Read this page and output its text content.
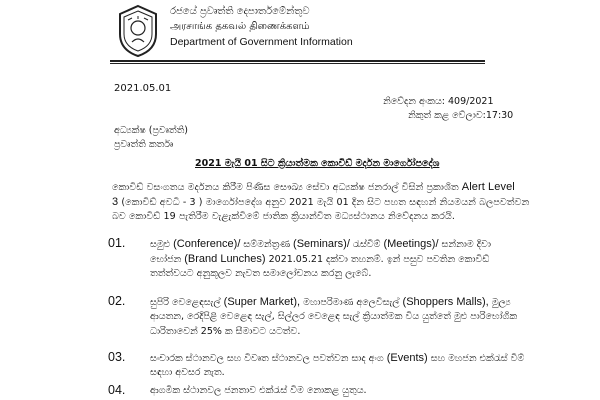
රජයේ ප්‍රවෘත්ති දෙපාර්තමේන්තුව
அரசாங்க தகவல் திணைக்களம்
Department of Government Information
2021.05.01
නිවේදන අංකය: 409/2021
නිකුත් කළ වේලාව:17:30
අධ්‍යක්ෂ (ප්‍රවෘත්ති)
ප්‍රවෘත්ති කර්තෘ
2021 මැයි 01 සිට ක්‍රියාත්මක කොවිඩ් මර්දන මාර්ගෝපදේශ
කොවිඩ් වසංගතය මර්දනය කිරීම පිණිස සෞඛ්‍ය සේවා අධ්‍යක්ෂ ජනරාල් විසින් ප්‍රකාශිත Alert Level
3 (කොවිඩ් අවධි - 3 ) මාර්ගෝපදේශ අනුව 2021 මැයි 01 දින සිට පහත සඳහන් නියමයන් බලපවත්වන
බව කොවිඩ් 19 පැතිරීම වැළැක්වීමේ ජාතික ක්‍රියාන්විත මධ්‍යස්ථානය නිවේදනය කරයි.
01.	සමුළු (Conference)/ සම්මන්ත්‍රණ (Seminars)/ රැස්වීම් (Meetings)/ සන්නාම දිවා
භෝජන (Brand Lunches) 2021.05.21 දක්වා තහනම්. ඉන් පසුව පවතින කොවිඩ්
තත්ත්වයට අනුකූලව නැවත සමාලෝචනය කරනු ලැබේ.
02.	සුපිරි වෙළෙඳසැල් (Super Market), මහාපරිමාණ අලෙවිසැල් (Shoppers Malls), මුල්‍ය
ආයතන, රෙදිපිළි වෙළෙඳ සැල්, සිල්ලර වෙළෙඳ සැල් ක්‍රියාත්මක විය යුත්තේ මුළු පාරිභෝගික
ධාරිතාවෙන් 25% ක සීමාවට යටත්ව.
03.	සංචාරක ස්ථානවල සහ විවෘත ස්ථානවල පවත්වන සාද අංග (Events) සහ මහජන එක්රැස් වීම්
සඳහා අවසර නැත.
04.	ආගමික ස්ථානවල ජනතාව එක්රැස් වීම නොකළ යුතුය.
